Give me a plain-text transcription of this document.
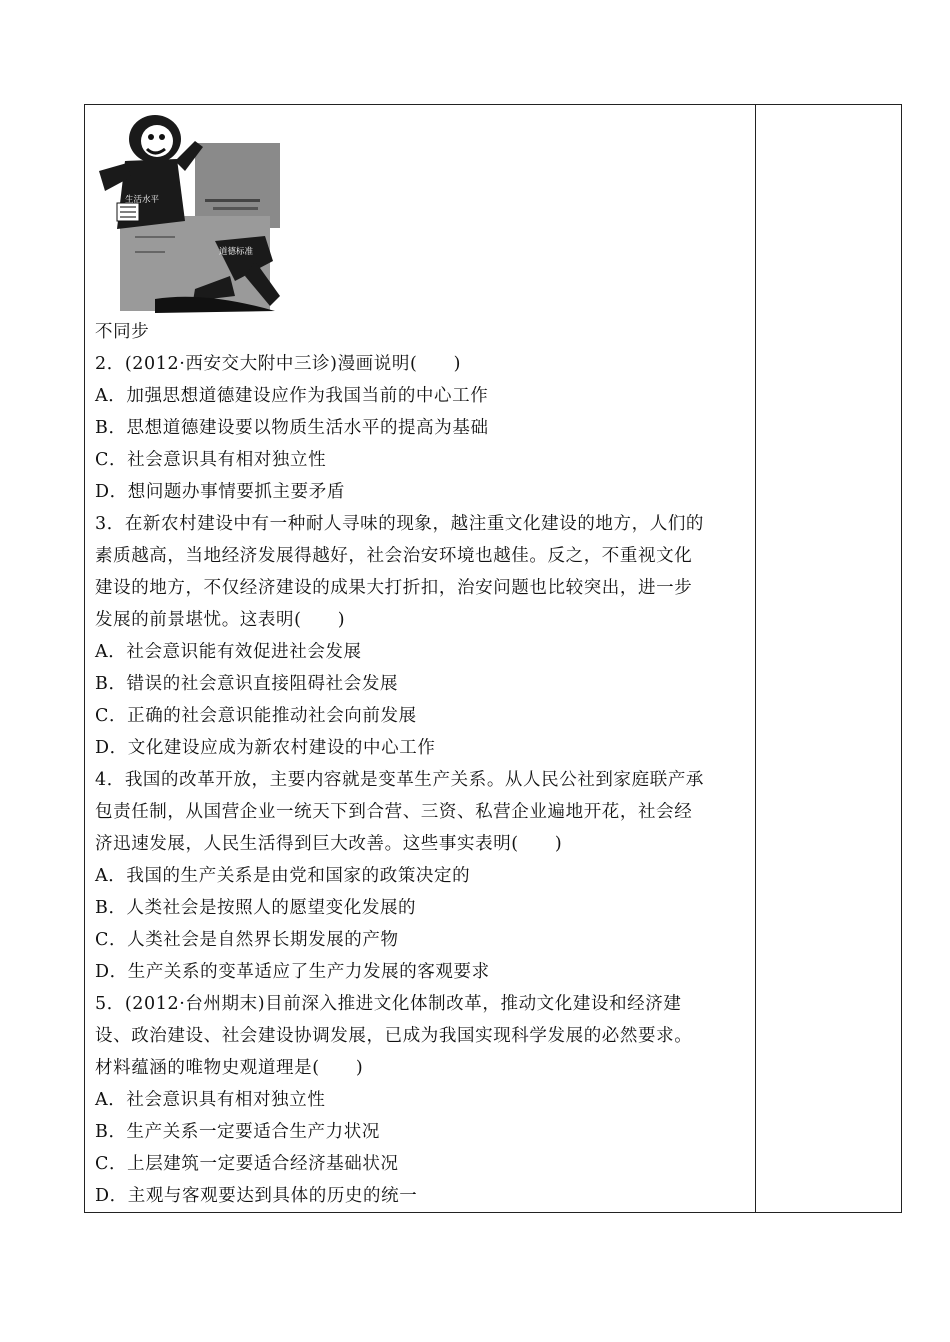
生活水平
道德标准
不同步
2．(2012·西安交大附中三诊)漫画说明(　　)
A．加强思想道德建设应作为我国当前的中心工作
B．思想道德建设要以物质生活水平的提高为基础
C．社会意识具有相对独立性
D．想问题办事情要抓主要矛盾
3．在新农村建设中有一种耐人寻味的现象，越注重文化建设的地方，人们的
素质越高，当地经济发展得越好，社会治安环境也越佳。反之，不重视文化
建设的地方，不仅经济建设的成果大打折扣，治安问题也比较突出，进一步
发展的前景堪忧。这表明(　　)
A．社会意识能有效促进社会发展
B．错误的社会意识直接阻碍社会发展
C．正确的社会意识能推动社会向前发展
D．文化建设应成为新农村建设的中心工作
4．我国的改革开放，主要内容就是变革生产关系。从人民公社到家庭联产承
包责任制，从国营企业一统天下到合营、三资、私营企业遍地开花，社会经
济迅速发展，人民生活得到巨大改善。这些事实表明(　　)
A．我国的生产关系是由党和国家的政策决定的
B．人类社会是按照人的愿望变化发展的
C．人类社会是自然界长期发展的产物
D．生产关系的变革适应了生产力发展的客观要求
5．(2012·台州期末)目前深入推进文化体制改革，推动文化建设和经济建
设、政治建设、社会建设协调发展，已成为我国实现科学发展的必然要求。
材料蕴涵的唯物史观道理是(　　)
A．社会意识具有相对独立性
B．生产关系一定要适合生产力状况
C．上层建筑一定要适合经济基础状况
D．主观与客观要达到具体的历史的统一
